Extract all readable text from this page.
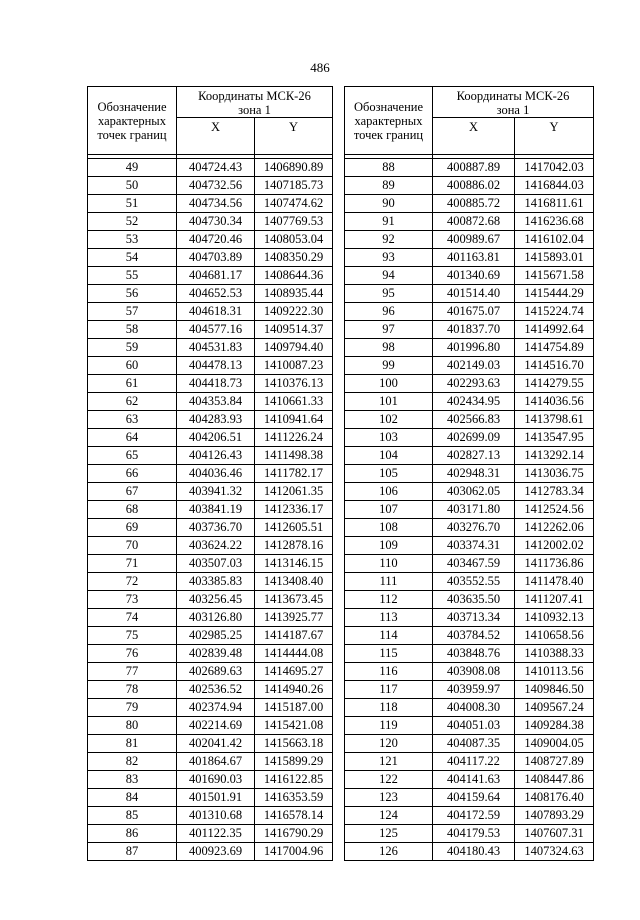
486
Обозначение характерных точек границ	Координаты МСК-26
зона 1	
	X	Y

49	404724.43	1406890.89
50	404732.56	1407185.73
51	404734.56	1407474.62
52	404730.34	1407769.53
53	404720.46	1408053.04
54	404703.89	1408350.29
55	404681.17	1408644.36
56	404652.53	1408935.44
57	404618.31	1409222.30
58	404577.16	1409514.37
59	404531.83	1409794.40
60	404478.13	1410087.23
61	404418.73	1410376.13
62	404353.84	1410661.33
63	404283.93	1410941.64
64	404206.51	1411226.24
65	404126.43	1411498.38
66	404036.46	1411782.17
67	403941.32	1412061.35
68	403841.19	1412336.17
69	403736.70	1412605.51
70	403624.22	1412878.16
71	403507.03	1413146.15
72	403385.83	1413408.40
73	403256.45	1413673.45
74	403126.80	1413925.77
75	402985.25	1414187.67
76	402839.48	1414444.08
77	402689.63	1414695.27
78	402536.52	1414940.26
79	402374.94	1415187.00
80	402214.69	1415421.08
81	402041.42	1415663.18
82	401864.67	1415899.29
83	401690.03	1416122.85
84	401501.91	1416353.59
85	401310.68	1416578.14
86	401122.35	1416790.29
87	400923.69	1417004.96
Обозначение характерных точек границ	Координаты МСК-26
зона 1	
	X	Y

88	400887.89	1417042.03
89	400886.02	1416844.03
90	400885.72	1416811.61
91	400872.68	1416236.68
92	400989.67	1416102.04
93	401163.81	1415893.01
94	401340.69	1415671.58
95	401514.40	1415444.29
96	401675.07	1415224.74
97	401837.70	1414992.64
98	401996.80	1414754.89
99	402149.03	1414516.70
100	402293.63	1414279.55
101	402434.95	1414036.56
102	402566.83	1413798.61
103	402699.09	1413547.95
104	402827.13	1413292.14
105	402948.31	1413036.75
106	403062.05	1412783.34
107	403171.80	1412524.56
108	403276.70	1412262.06
109	403374.31	1412002.02
110	403467.59	1411736.86
111	403552.55	1411478.40
112	403635.50	1411207.41
113	403713.34	1410932.13
114	403784.52	1410658.56
115	403848.76	1410388.33
116	403908.08	1410113.56
117	403959.97	1409846.50
118	404008.30	1409567.24
119	404051.03	1409284.38
120	404087.35	1409004.05
121	404117.22	1408727.89
122	404141.63	1408447.86
123	404159.64	1408176.40
124	404172.59	1407893.29
125	404179.53	1407607.31
126	404180.43	1407324.63
